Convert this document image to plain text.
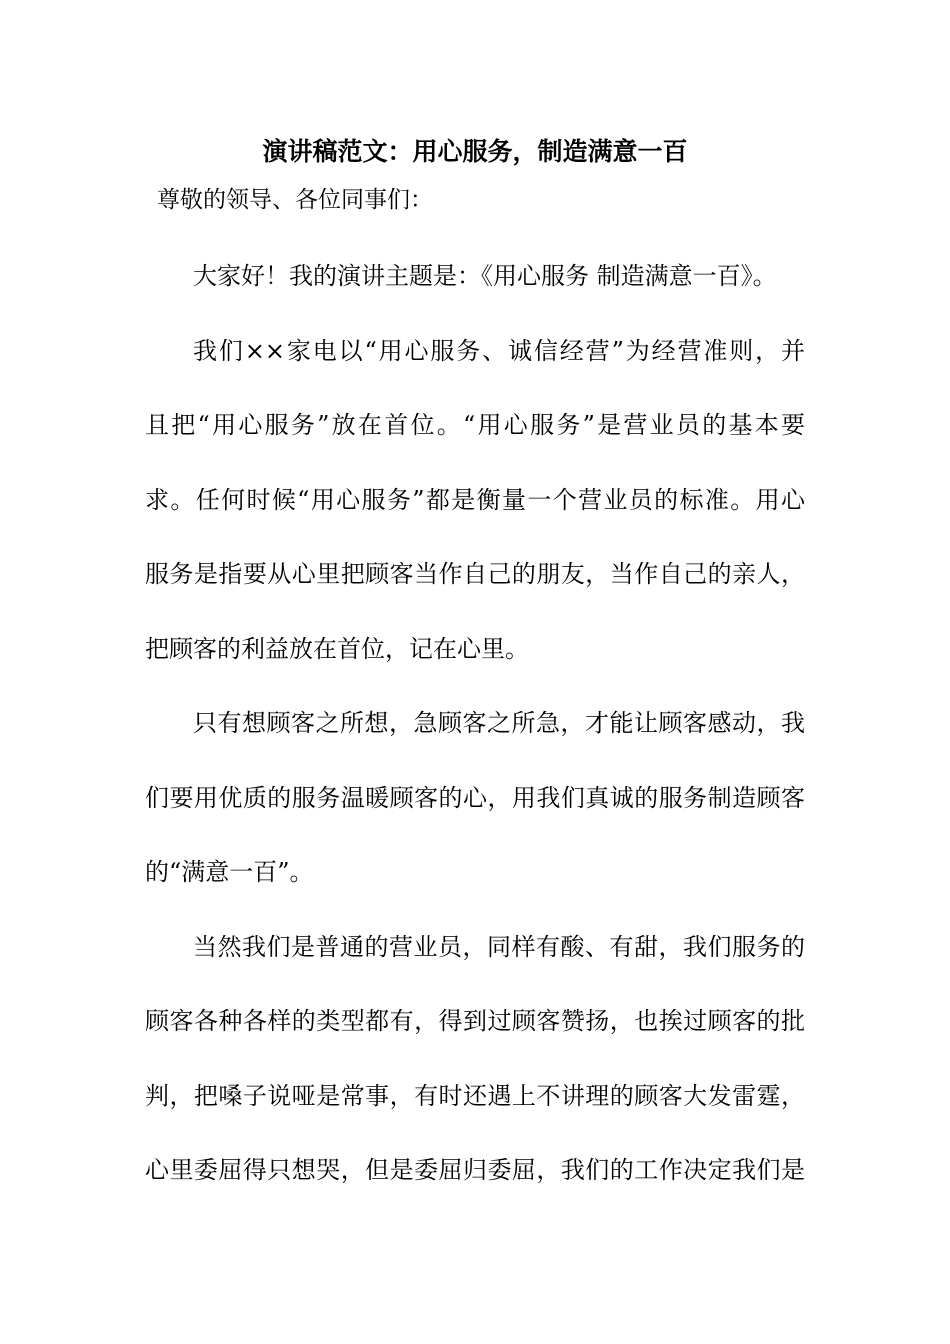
演讲稿范文：用心服务，制造满意一百
尊敬的领导、各位同事们：
大家好！我的演讲主题是：《用心服务 制造满意一百》。
我们××家电以“用心服务、诚信经营”为经营准则，并
且把“用心服务”放在首位。“用心服务”是营业员的基本要
求。任何时候“用心服务”都是衡量一个营业员的标准。用心
服务是指要从心里把顾客当作自己的朋友，当作自己的亲人，
把顾客的利益放在首位，记在心里。
只有想顾客之所想，急顾客之所急，才能让顾客感动，我
们要用优质的服务温暖顾客的心，用我们真诚的服务制造顾客
的“满意一百”。
当然我们是普通的营业员，同样有酸、有甜，我们服务的
顾客各种各样的类型都有，得到过顾客赞扬，也挨过顾客的批
判，把嗓子说哑是常事，有时还遇上不讲理的顾客大发雷霆，
心里委屈得只想哭，但是委屈归委屈，我们的工作决定我们是
